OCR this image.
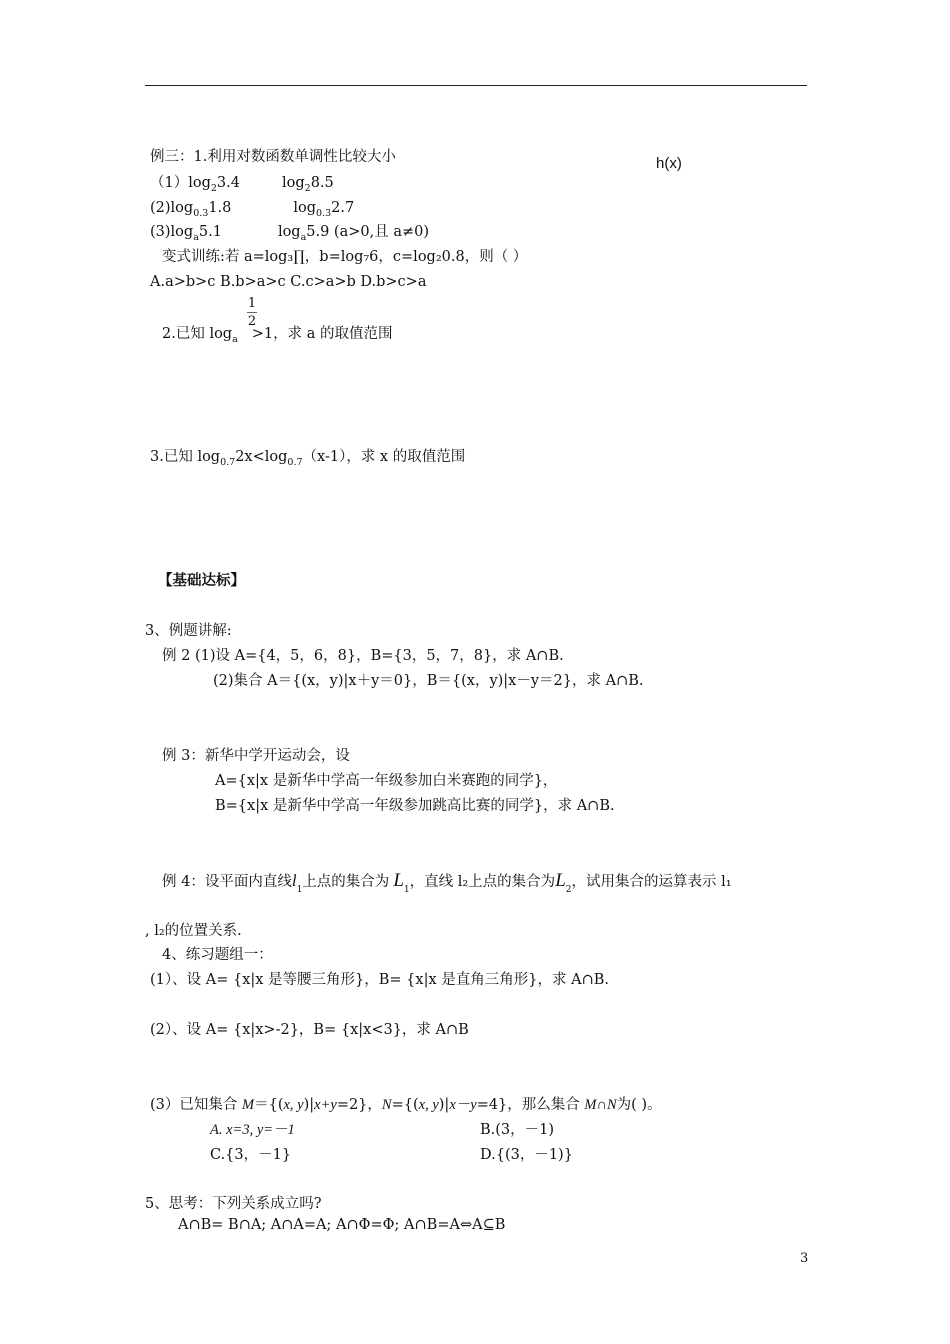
例三：1.利用对数函数单调性比较大小	h(x)
$(1)\log_23.4$	$\log_28.5$
$(2)\log_{0.3}1.8$	$\log_{0.3}2.7$
$(3)\log_a5.1$	$\log_a5.9$ (a>0,且 a≠0)
变式训练:若 a=log₃∏，b=log₇6，c=log₂0.8，则（ ）
A.a>b>c B.b>a>c C.c>a>b D.b>c>a
1
2
2.已知 $\log_a >1$，求 a 的取值范围
3.已知 $\log_{0.7}2x<\log_{0.7}(x-1)$，求 x 的取值范围
【基础达标】
3、例题讲解:
例 2 (1)设 A={4，5，6，8}，B={3，5，7，8}，求 A∩B.
(2)集合 A＝{(x，y)|x＋y＝0}，B＝{(x，y)|x－y＝2}，求 A∩B.
例 3：新华中学开运动会，设
A={x|x 是新华中学高一年级参加白米赛跑的同学}，
B={x|x 是新华中学高一年级参加跳高比赛的同学}，求 A∩B.
例 4：设平面内直线$l_1$上点的集合为 $L_1$，直线 l₂上点的集合为$L_2$，试用集合的运算表示 l₁
, l₂的位置关系.
4、练习题组一：
(1）、设 A= {x|x 是等腰三角形}，B= {x|x 是直角三角形}，求 A∩B.
(2）、设 A= {x|x>-2}，B= {x|x<3}，求 A∩B
(3）已知集合 M＝{(x, y)|x+y=2}，N={(x, y)|x－y=4}，那么集合 M∩N为( )。
A. x=3, y=－1	B.(3，－1)
C.{3，－1}	D.{(3，－1)}
5、思考：下列关系成立吗?
A∩B= B∩A; A∩A=A; A∩Φ=Φ; A∩B=A⇔A⊆B
3
